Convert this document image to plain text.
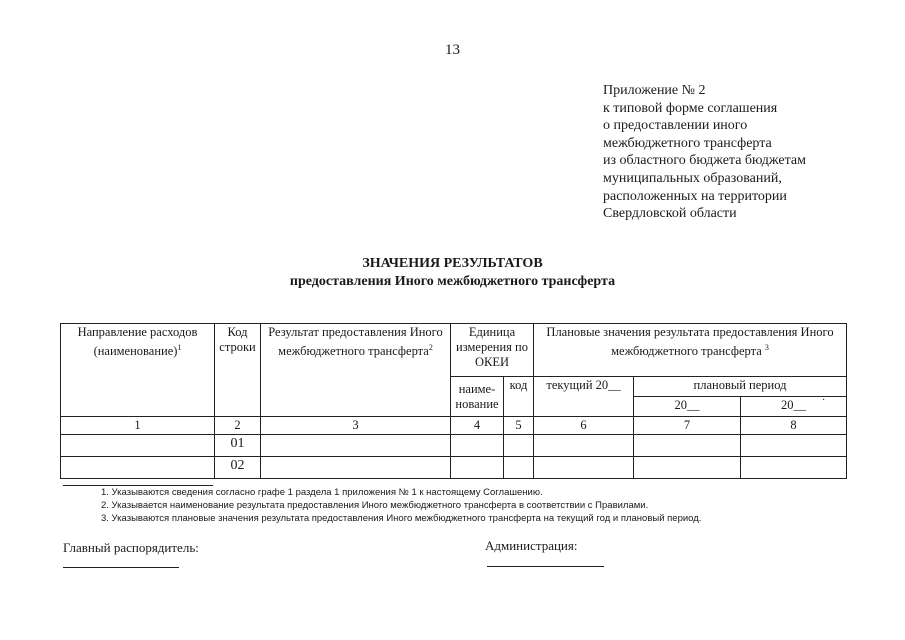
13
Приложение № 2
к типовой форме соглашения
о предоставлении иного
межбюджетного трансферта
из областного бюджета бюджетам
муниципальных образований,
расположенных на территории
Свердловской области
ЗНАЧЕНИЯ РЕЗУЛЬТАТОВ
предоставления Иного межбюджетного трансферта
Направление расходов (наименование)$^1$	Код строки	Результат предоставления Иного межбюджетного трансферта$^2$	Единица измерения по ОКЕИ		Плановые значения результата предоставления Иного межбюджетного трансферта $^3$
			наиме-нование	код	текущий 20__	плановый период	
						20__	20__
1	2	3	4	5	6	7	8
	01						
	02						
·
1. Указываются сведения согласно графе 1 раздела 1 приложения № 1 к настоящему Соглашению.
2. Указывается наименование результата предоставления Иного межбюджетного трансферта в соответствии с Правилами.
3. Указываются плановые значения результата предоставления Иного межбюджетного трансферта на текущий год и плановый период.
Главный распорядитель:	Администрация:
